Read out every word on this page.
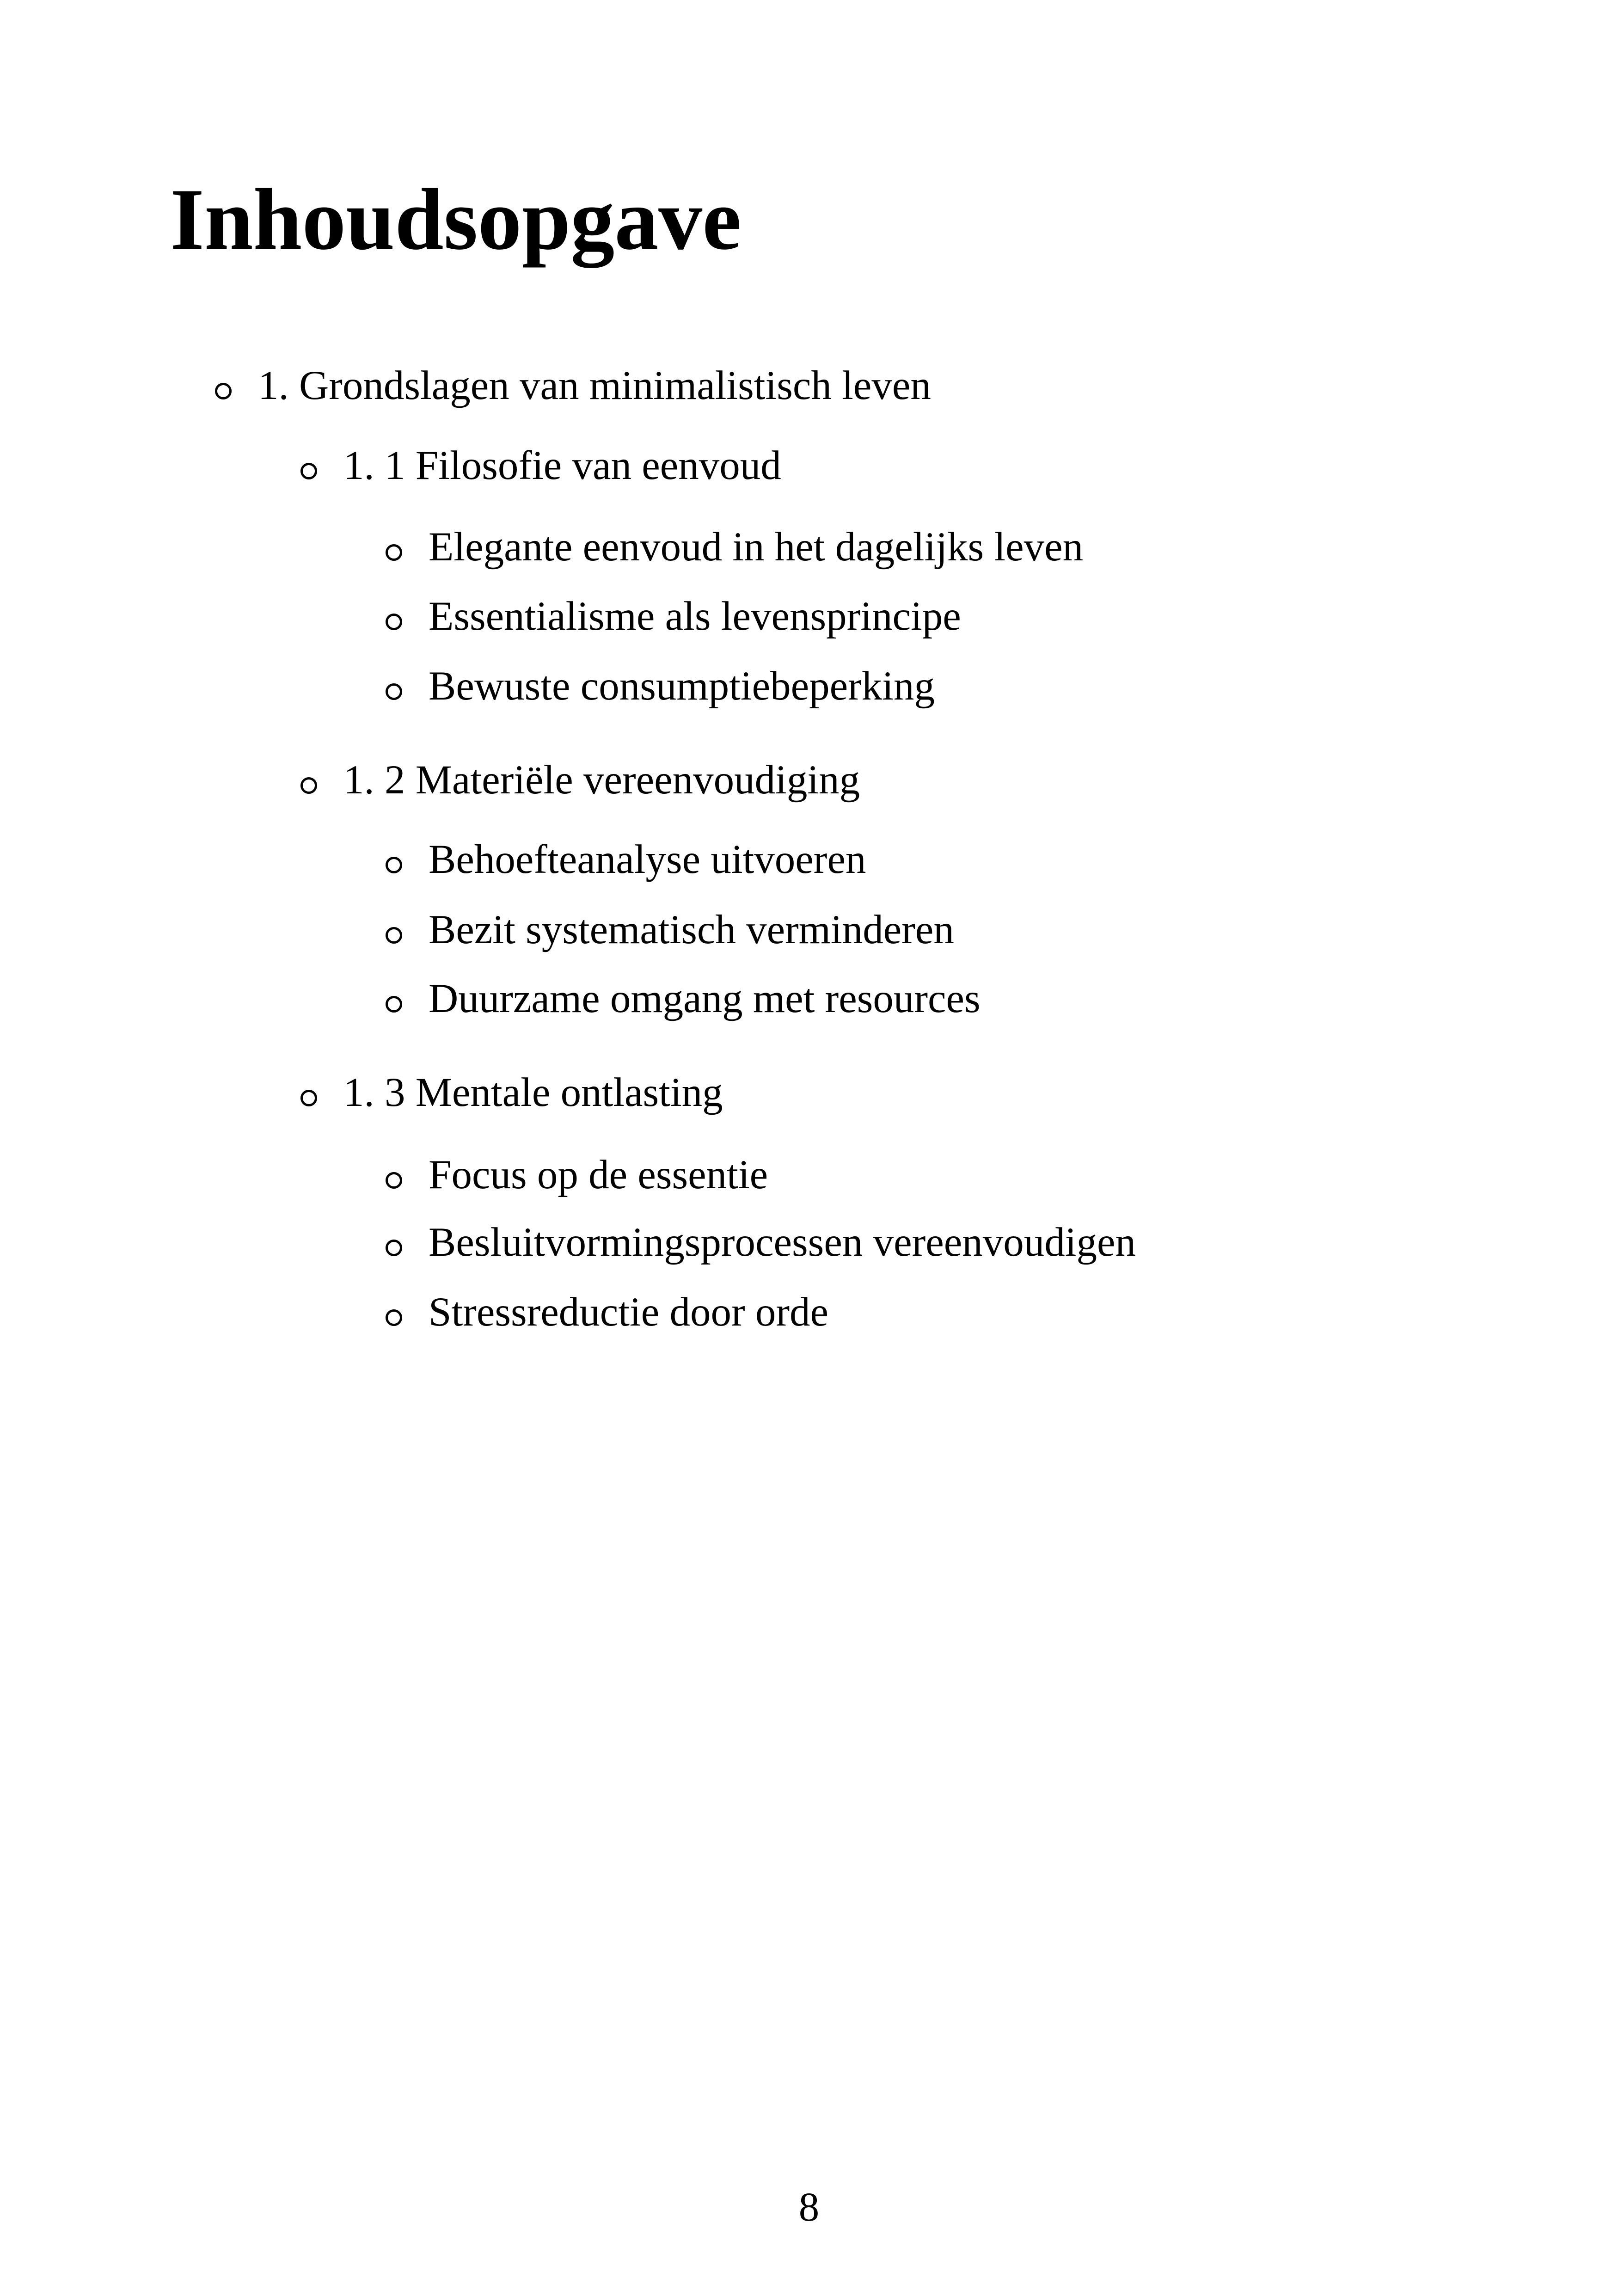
Inhoudsopgave
1. Grondslagen van minimalistisch leven
1. 1 Filosofie van eenvoud
Elegante eenvoud in het dagelijks leven
Essentialisme als levensprincipe
Bewuste consumptiebeperking
1. 2 Materiële vereenvoudiging
Behoefteanalyse uitvoeren
Bezit systematisch verminderen
Duurzame omgang met resources
1. 3 Mentale ontlasting
Focus op de essentie
Besluitvormingsprocessen vereenvoudigen
Stressreductie door orde
8
